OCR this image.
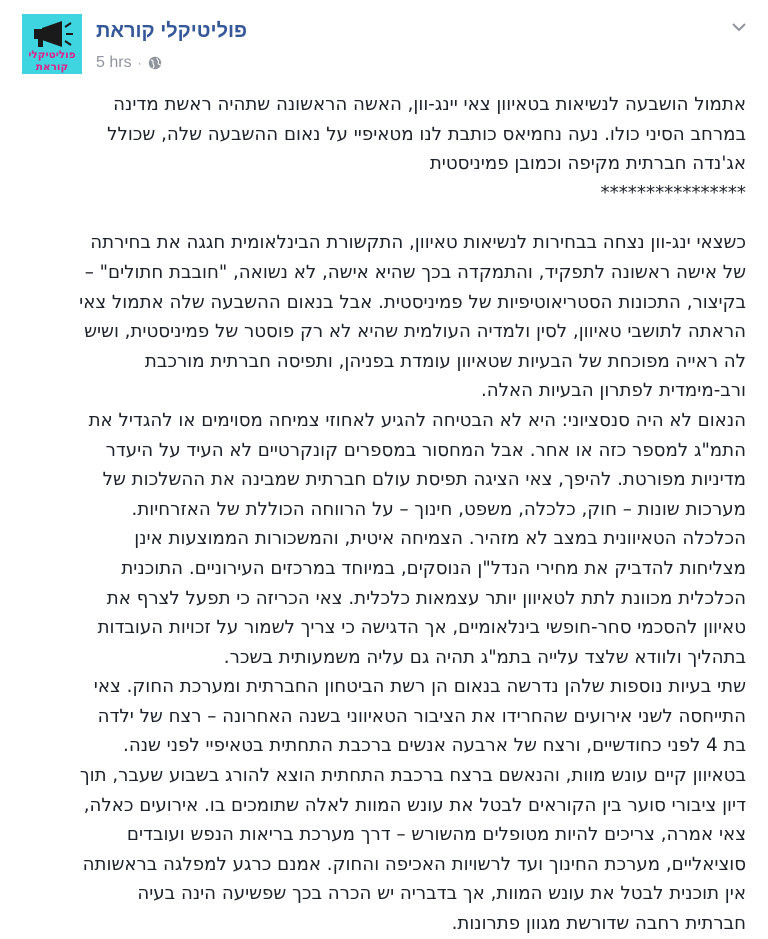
פוליטיקלי
קוראת
פוליטיקלי קוראת
5 hrs ·

אתמול הושבעה לנשיאות בטאיוון צאי יינג-וון, האשה הראשונה שתהיה ראשת מדינה
במרחב הסיני כולו. נעה נחמיאס כותבת לנו מטאיפיי על נאום ההשבעה שלה, שכולל
אג'נדה חברתית מקיפה וכמובן פמיניסטית
****************

כשצאי ינג-וון נצחה בבחירות לנשיאות טאיוון, התקשורת הבינלאומית חגגה את בחירתה
של אישה ראשונה לתפקיד, והתמקדה בכך שהיא אישה, לא נשואה, "חובבת חתולים" –
בקיצור, התכונות הסטריאוטיפיות של פמיניסטית. אבל בנאום ההשבעה שלה אתמול צאי
הראתה לתושבי טאיוון, לסין ולמדיה העולמית שהיא לא רק פוסטר של פמיניסטית, ושיש
לה ראייה מפוכחת של הבעיות שטאיוון עומדת בפניהן, ותפיסה חברתית מורכבת
ורב-מימדית לפתרון הבעיות האלה.
הנאום לא היה סנסציוני: היא לא הבטיחה להגיע לאחוזי צמיחה מסוימים או להגדיל את
התמ"ג למספר כזה או אחר. אבל המחסור במספרים קונקרטיים לא העיד על היעדר
מדיניות מפורטת. להיפך, צאי הציגה תפיסת עולם חברתית שמבינה את ההשלכות של
מערכות שונות – חוק, כלכלה, משפט, חינוך – על הרווחה הכוללת של האזרחיות.
הכלכלה הטאיוונית במצב לא מזהיר. הצמיחה איטית, והמשכורות הממוצעות אינן
מצליחות להדביק את מחירי הנדל"ן הנוסקים, במיוחד במרכזים העירוניים. התוכנית
הכלכלית מכוונת לתת לטאיוון יותר עצמאות כלכלית. צאי הכריזה כי תפעל לצרף את
טאיוון להסכמי סחר-חופשי בינלאומיים, אך הדגישה כי צריך לשמור על זכויות העובדות
בתהליך ולוודא שלצד עלייה בתמ"ג תהיה גם עליה משמעותית בשכר.
שתי בעיות נוספות שלהן נדרשה בנאום הן רשת הביטחון החברתית ומערכת החוק. צאי
התייחסה לשני אירועים שהחרידו את הציבור הטאיווני בשנה האחרונה – רצח של ילדה
בת 4 לפני כחודשיים, ורצח של ארבעה אנשים ברכבת התחתית בטאיפיי לפני שנה.
בטאיוון קיים עונש מוות, והנאשם ברצח ברכבת התחתית הוצא להורג בשבוע שעבר, תוך
דיון ציבורי סוער בין הקוראים לבטל את עונש המוות לאלה שתומכים בו. אירועים כאלה,
צאי אמרה, צריכים להיות מטופלים מהשורש – דרך מערכת בריאות הנפש ועובדים
סוציאליים, מערכת החינוך ועד לרשויות האכיפה והחוק. אמנם כרגע למפלגה בראשותה
אין תוכנית לבטל את עונש המוות, אך בדבריה יש הכרה בכך שפשיעה הינה בעיה
חברתית רחבה שדורשת מגוון פתרונות.
